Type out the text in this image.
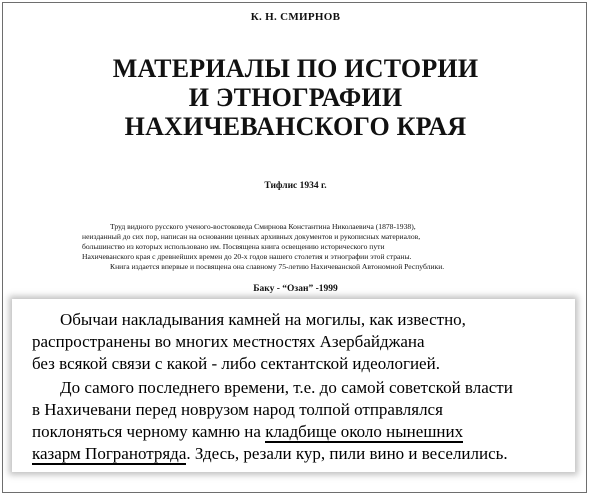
К. Н. СМИРНОВ
МАТЕРИАЛЫ ПО ИСТОРИИ
И ЭТНОГРАФИИ
НАХИЧЕВАНСКОГО КРАЯ
Тифлис 1934 г.
Труд видного русского ученого-востоковеда Смирнова Константина Николаевича (1878-1938),
неизданный до сих пор, написан на основании ценных архивных документов и рукописных материалов,
большинство из которых использовано им. Посвящена книга освещению исторического пути
Нахичеванского края с древнейших времен до 20-х годов нашего столетия и этнографии этой страны.
Книга издается впервые и посвящена она славному 75-летию Нахичеванской Автономной Республики.
Баку - “Озан” -1999
Обычаи накладывания камней на могилы, как известно,
распространены во многих местностях Азербайджана
без всякой связи с какой - либо сектантской идеологией.
До самого последнего времени, т.е. до самой советской власти
в Нахичевани перед новрузом народ толпой отправлялся
поклоняться черному камню на кладбище около нынешних
казарм Погранотряда. Здесь, резали кур, пили вино и веселились.
